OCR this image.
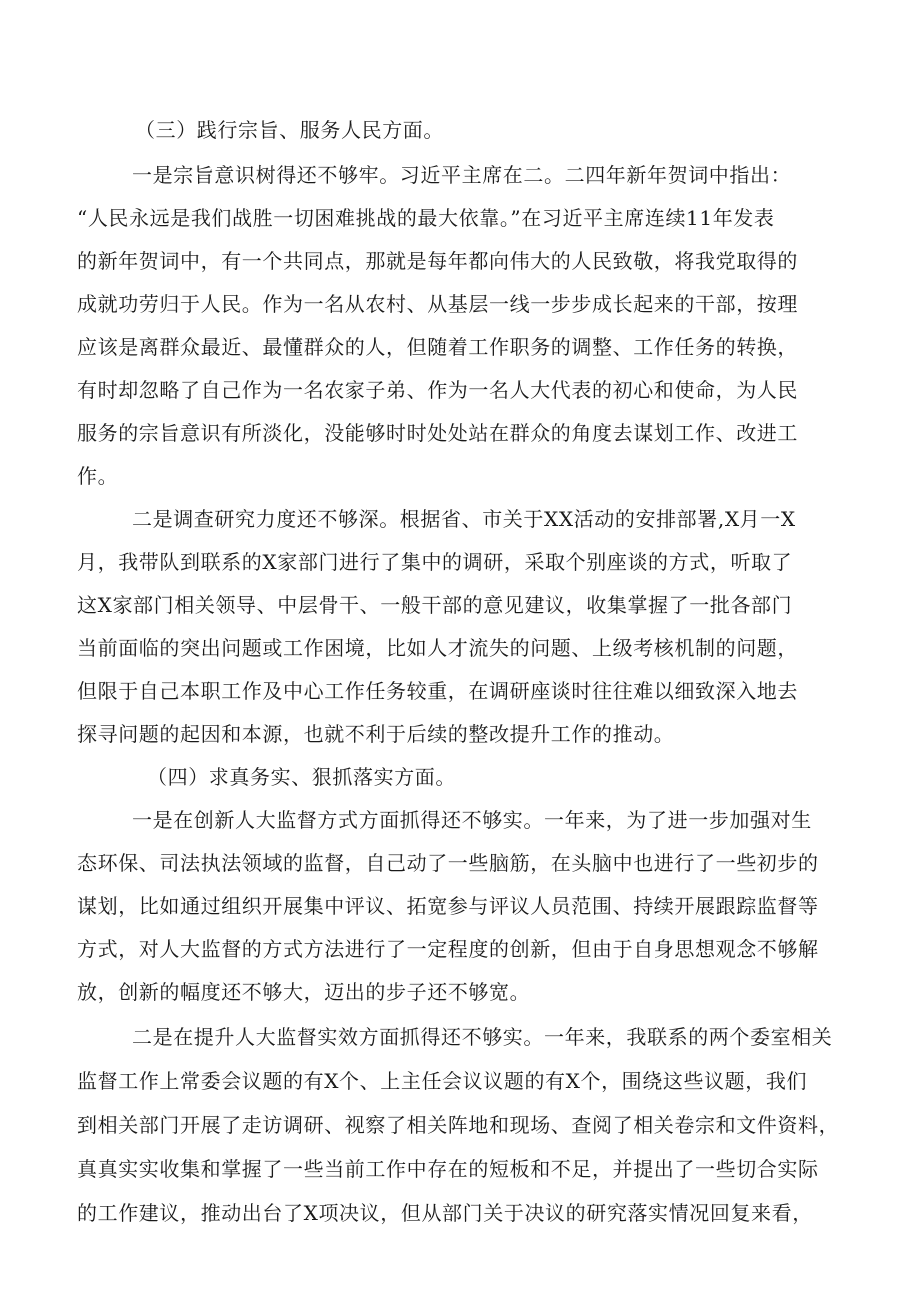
（三）践行宗旨、服务人民方面。
一是宗旨意识树得还不够牢。习近平主席在二。二四年新年贺词中指出：
“人民永远是我们战胜一切困难挑战的最大依靠。”在习近平主席连续11年发表
的新年贺词中，有一个共同点，那就是每年都向伟大的人民致敬，将我党取得的
成就功劳归于人民。作为一名从农村、从基层一线一步步成长起来的干部，按理
应该是离群众最近、最懂群众的人，但随着工作职务的调整、工作任务的转换，
有时却忽略了自己作为一名农家子弟、作为一名人大代表的初心和使命，为人民
服务的宗旨意识有所淡化，没能够时时处处站在群众的角度去谋划工作、改进工
作。
二是调查研究力度还不够深。根据省、市关于XX活动的安排部署,X月一X
月，我带队到联系的X家部门进行了集中的调研，采取个别座谈的方式，听取了
这X家部门相关领导、中层骨干、一般干部的意见建议，收集掌握了一批各部门
当前面临的突出问题或工作困境，比如人才流失的问题、上级考核机制的问题，
但限于自己本职工作及中心工作任务较重，在调研座谈时往往难以细致深入地去
探寻问题的起因和本源，也就不利于后续的整改提升工作的推动。
（四）求真务实、狠抓落实方面。
一是在创新人大监督方式方面抓得还不够实。一年来，为了进一步加强对生
态环保、司法执法领域的监督，自己动了一些脑筋，在头脑中也进行了一些初步的
谋划，比如通过组织开展集中评议、拓宽参与评议人员范围、持续开展跟踪监督等
方式，对人大监督的方式方法进行了一定程度的创新，但由于自身思想观念不够解
放，创新的幅度还不够大，迈出的步子还不够宽。
二是在提升人大监督实效方面抓得还不够实。一年来，我联系的两个委室相关
监督工作上常委会议题的有X个、上主任会议议题的有X个，围绕这些议题，我们
到相关部门开展了走访调研、视察了相关阵地和现场、查阅了相关卷宗和文件资料，
真真实实收集和掌握了一些当前工作中存在的短板和不足，并提出了一些切合实际
的工作建议，推动出台了X项决议，但从部门关于决议的研究落实情况回复来看，
